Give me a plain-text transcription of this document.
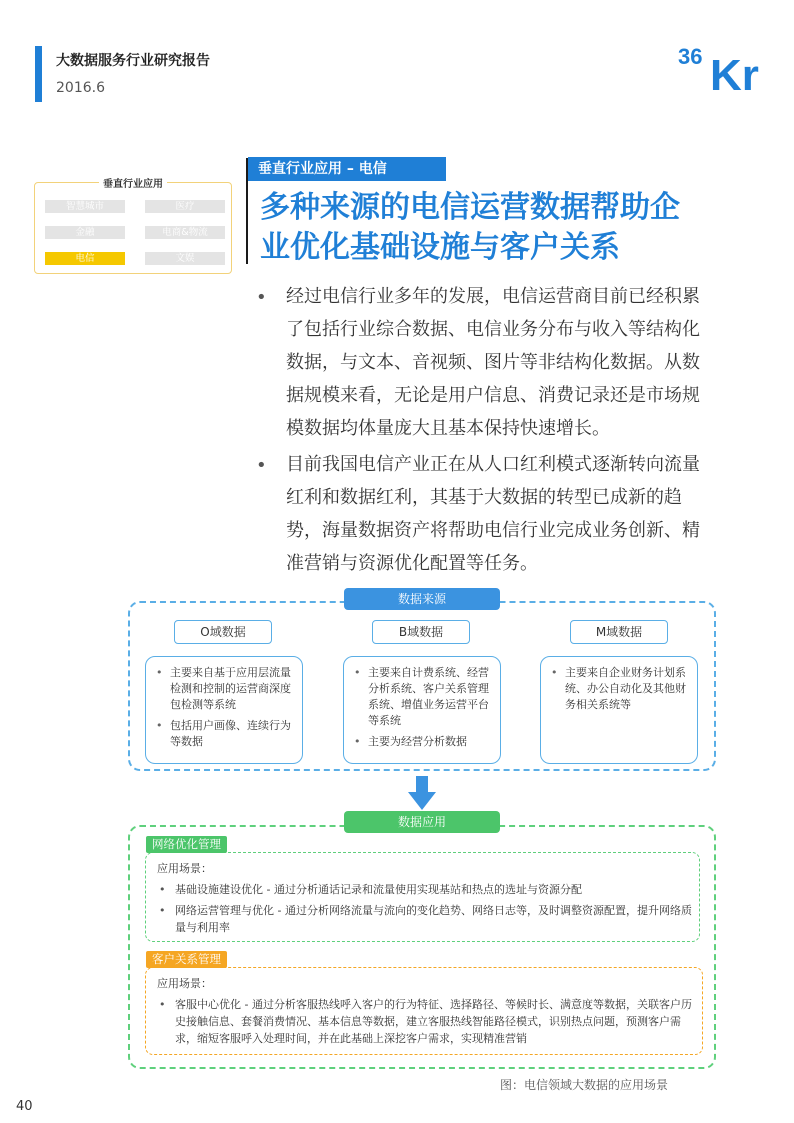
大数据服务行业研究报告
2016.6
36 Kr
垂直行业应用
智慧城市	医疗
金融	电商&物流
电信	文娱
垂直行业应用 – 电信
多种来源的电信运营数据帮助企
业优化基础设施与客户关系
• 经过电信行业多年的发展，电信运营商目前已经积累
了包括行业综合数据、电信业务分布与收入等结构化
数据，与文本、音视频、图片等非结构化数据。从数
据规模来看，无论是用户信息、消费记录还是市场规
模数据均体量庞大且基本保持快速增长。
• 目前我国电信产业正在从人口红利模式逐渐转向流量
红利和数据红利，其基于大数据的转型已成新的趋
势，海量数据资产将帮助电信行业完成业务创新、精
准营销与资源优化配置等任务。
数据来源
O域数据	B域数据	M域数据
• 主要来自基于应用层流量检测和控制的运营商深度包检测等系统
• 包括用户画像、连续行为等数据
• 主要来自计费系统、经营分析系统、客户关系管理系统、增值业务运营平台等系统
• 主要为经营分析数据
• 主要来自企业财务计划系统、办公自动化及其他财务相关系统等
数据应用
网络优化管理
应用场景：
• 基础设施建设优化 - 通过分析通话记录和流量使用实现基站和热点的选址与资源分配
• 网络运营管理与优化 - 通过分析网络流量与流向的变化趋势、网络日志等，及时调整资源配置，提升网络质量与利用率
客户关系管理
应用场景：
• 客服中心优化 - 通过分析客服热线呼入客户的行为特征、选择路径、等候时长、满意度等数据，关联客户历史接触信息、套餐消费情况、基本信息等数据，建立客服热线智能路径模式，识别热点问题，预测客户需求，缩短客服呼入处理时间，并在此基础上深挖客户需求，实现精准营销
图：电信领域大数据的应用场景
40
